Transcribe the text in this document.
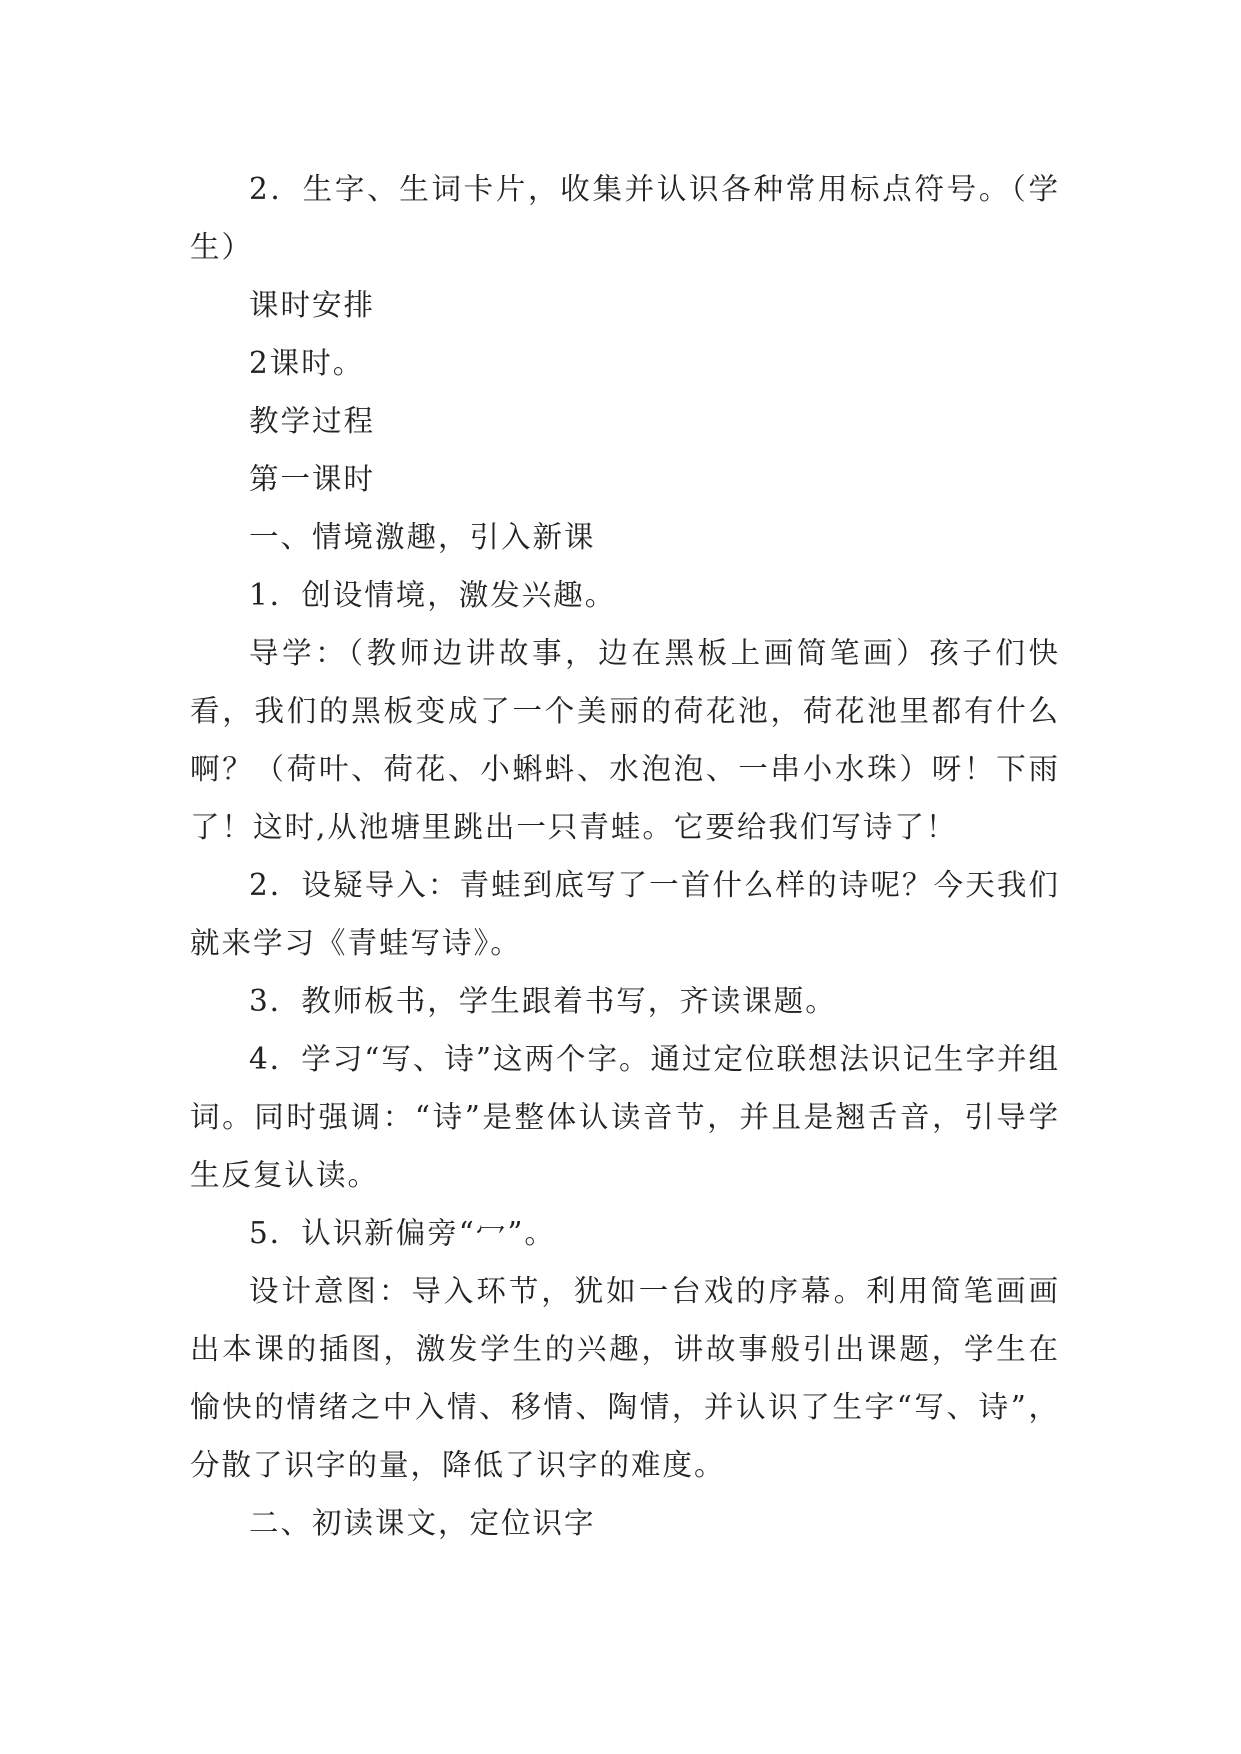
2．生字、生词卡片，收集并认识各种常用标点符号。（学生）

课时安排

2课时。

教学过程

第一课时

一、情境激趣，引入新课

1．创设情境，激发兴趣。

导学：（教师边讲故事，边在黑板上画简笔画）孩子们快看，我们的黑板变成了一个美丽的荷花池，荷花池里都有什么啊？（荷叶、荷花、小蝌蚪、水泡泡、一串小水珠）呀！下雨了！这时,从池塘里跳出一只青蛙。它要给我们写诗了！

2．设疑导入：青蛙到底写了一首什么样的诗呢？今天我们就来学习《青蛙写诗》。

3．教师板书，学生跟着书写，齐读课题。

4．学习“写、诗”这两个字。通过定位联想法识记生字并组词。同时强调：“诗”是整体认读音节，并且是翘舌音，引导学生反复认读。

5．认识新偏旁“冖”。

设计意图：导入环节，犹如一台戏的序幕。利用简笔画画出本课的插图，激发学生的兴趣，讲故事般引出课题，学生在愉快的情绪之中入情、移情、陶情，并认识了生字“写、诗”，分散了识字的量，降低了识字的难度。

二、初读课文，定位识字
